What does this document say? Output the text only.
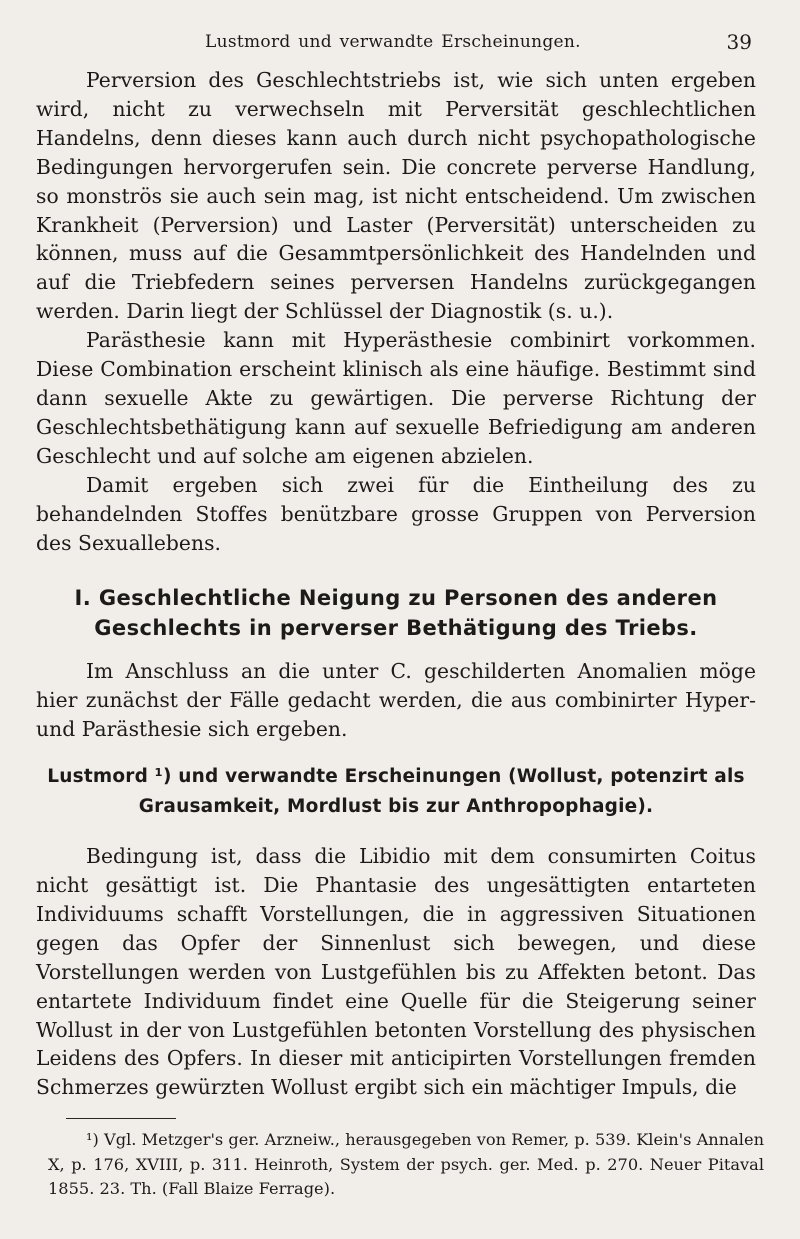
Lustmord und verwandte Erscheinungen.	39

Perversion des Geschlechtstriebs ist, wie sich unten ergeben wird, nicht zu verwechseln mit Perversität geschlechtlichen Handelns, denn dieses kann auch durch nicht psychopathologische Bedingungen hervorgerufen sein. Die concrete perverse Handlung, so monströs sie auch sein mag, ist nicht entscheidend. Um zwischen Krankheit (Perversion) und Laster (Perversität) unterscheiden zu können, muss auf die Gesammtpersönlichkeit des Handelnden und auf die Triebfedern seines perversen Handelns zurückgegangen werden. Darin liegt der Schlüssel der Diagnostik (s. u.).

Parästhesie kann mit Hyperästhesie combinirt vorkommen. Diese Combination erscheint klinisch als eine häufige. Bestimmt sind dann sexuelle Akte zu gewärtigen. Die perverse Richtung der Geschlechtsbethätigung kann auf sexuelle Befriedigung am anderen Geschlecht und auf solche am eigenen abzielen.

Damit ergeben sich zwei für die Eintheilung des zu behandelnden Stoffes benützbare grosse Gruppen von Perversion des Sexuallebens.

I. Geschlechtliche Neigung zu Personen des anderen Geschlechts in perverser Bethätigung des Triebs.

Im Anschluss an die unter C. geschilderten Anomalien möge hier zunächst der Fälle gedacht werden, die aus combinirter Hyper- und Parästhesie sich ergeben.

Lustmord ¹) und verwandte Erscheinungen (Wollust, potenzirt als Grausamkeit, Mordlust bis zur Anthropophagie).

Bedingung ist, dass die Libidio mit dem consumirten Coitus nicht gesättigt ist. Die Phantasie des ungesättigten entarteten Individuums schafft Vorstellungen, die in aggressiven Situationen gegen das Opfer der Sinnenlust sich bewegen, und diese Vorstellungen werden von Lustgefühlen bis zu Affekten betont. Das entartete Individuum findet eine Quelle für die Steigerung seiner Wollust in der von Lustgefühlen betonten Vorstellung des physischen Leidens des Opfers. In dieser mit anticipirten Vorstellungen fremden Schmerzes gewürzten Wollust ergibt sich ein mächtiger Impuls, die

¹) Vgl. Metzger's ger. Arzneiw., herausgegeben von Remer, p. 539. Klein's Annalen X, p. 176, XVIII, p. 311. Heinroth, System der psych. ger. Med. p. 270. Neuer Pitaval 1855. 23. Th. (Fall Blaize Ferrage).
